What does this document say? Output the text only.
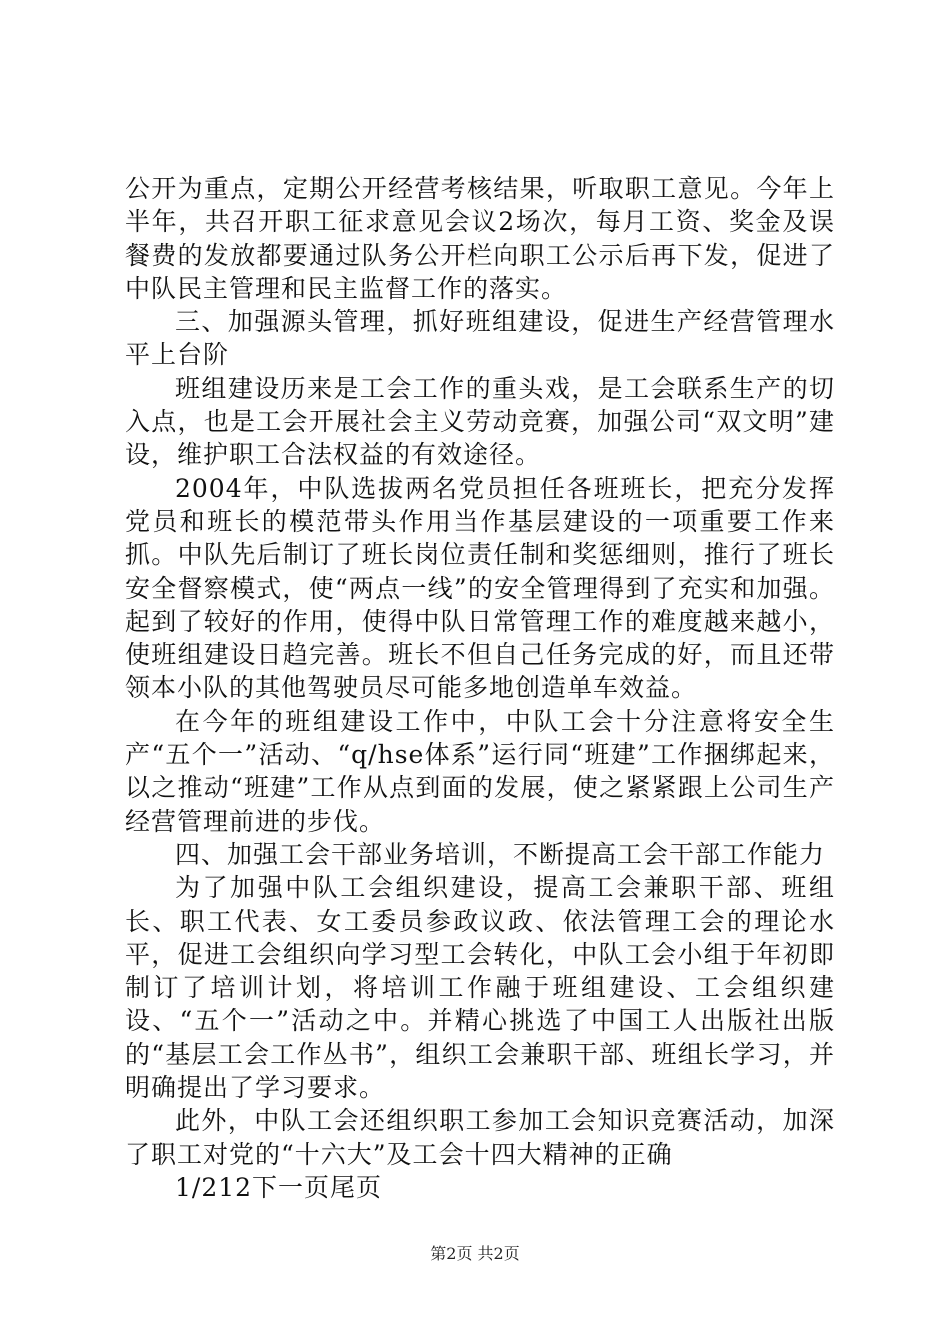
公开为重点，定期公开经营考核结果，听取职工意见。今年上半年，共召开职工征求意见会议2场次，每月工资、奖金及误餐费的发放都要通过队务公开栏向职工公示后再下发，促进了中队民主管理和民主监督工作的落实。

三、加强源头管理，抓好班组建设，促进生产经营管理水平上台阶

班组建设历来是工会工作的重头戏，是工会联系生产的切入点，也是工会开展社会主义劳动竞赛，加强公司“双文明”建设，维护职工合法权益的有效途径。

2004年，中队选拔两名党员担任各班班长，把充分发挥党员和班长的模范带头作用当作基层建设的一项重要工作来抓。中队先后制订了班长岗位责任制和奖惩细则，推行了班长安全督察模式，使“两点一线”的安全管理得到了充实和加强。起到了较好的作用，使得中队日常管理工作的难度越来越小，使班组建设日趋完善。班长不但自己任务完成的好，而且还带领本小队的其他驾驶员尽可能多地创造单车效益。

在今年的班组建设工作中，中队工会十分注意将安全生产“五个一”活动、“q/hse体系”运行同“班建”工作捆绑起来，以之推动“班建”工作从点到面的发展，使之紧紧跟上公司生产经营管理前进的步伐。

四、加强工会干部业务培训，不断提高工会干部工作能力

为了加强中队工会组织建设，提高工会兼职干部、班组长、职工代表、女工委员参政议政、依法管理工会的理论水平，促进工会组织向学习型工会转化，中队工会小组于年初即制订了培训计划，将培训工作融于班组建设、工会组织建设、“五个一”活动之中。并精心挑选了中国工人出版社出版的“基层工会工作丛书”，组织工会兼职干部、班组长学习，并明确提出了学习要求。

此外，中队工会还组织职工参加工会知识竞赛活动，加深了职工对党的“十六大”及工会十四大精神的正确

1/212下一页尾页

第2页 共2页
